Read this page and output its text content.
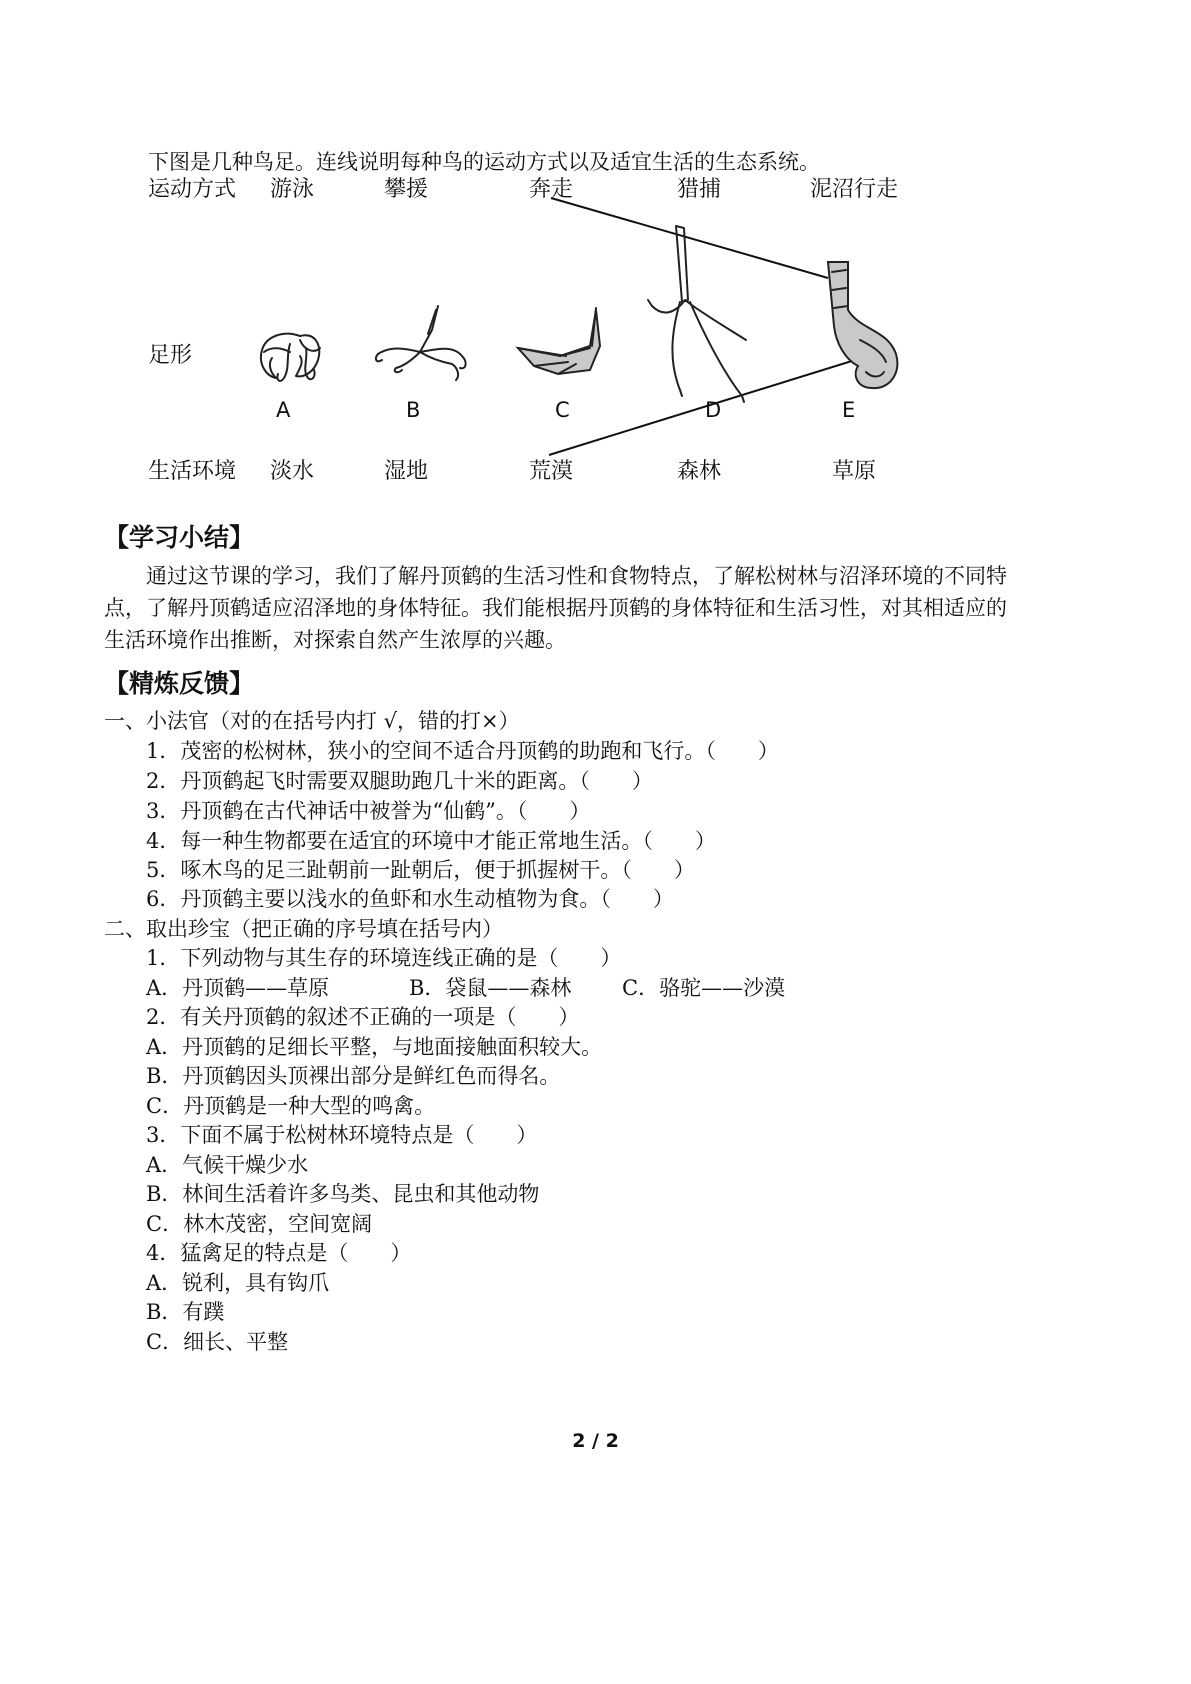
下图是几种鸟足。连线说明每种鸟的运动方式以及适宜生活的生态系统。
运动方式 游泳	攀援	奔走	猎捕	泥沼行走
足形
A	B	C	D	E
生活环境 淡水	湿地	荒漠	森林	草原
【学习小结】
通过这节课的学习，我们了解丹顶鹤的生活习性和食物特点，了解松树林与沼泽环境的不同特点，了解丹顶鹤适应沼泽地的身体特征。我们能根据丹顶鹤的身体特征和生活习性，对其相适应的生活环境作出推断，对探索自然产生浓厚的兴趣。
【精炼反馈】
一、小法官（对的在括号内打 √，错的打×）
1．茂密的松树林，狭小的空间不适合丹顶鹤的助跑和飞行。（　　）
2．丹顶鹤起飞时需要双腿助跑几十米的距离。（　　）
3．丹顶鹤在古代神话中被誉为“仙鹤”。（　　）
4．每一种生物都要在适宜的环境中才能正常地生活。（　　）
5．啄木鸟的足三趾朝前一趾朝后，便于抓握树干。（　　）
6．丹顶鹤主要以浅水的鱼虾和水生动植物为食。（　　）
二、取出珍宝（把正确的序号填在括号内）
1．下列动物与其生存的环境连线正确的是（　　）
A．丹顶鹤——草原	B．袋鼠——森林 C．骆驼——沙漠
2．有关丹顶鹤的叙述不正确的一项是（　　）
A．丹顶鹤的足细长平整，与地面接触面积较大。
B．丹顶鹤因头顶裸出部分是鲜红色而得名。
C．丹顶鹤是一种大型的鸣禽。
3．下面不属于松树林环境特点是（　　）
A．气候干燥少水
B．林间生活着许多鸟类、昆虫和其他动物
C．林木茂密，空间宽阔
4．猛禽足的特点是（　　）
A．锐利，具有钩爪
B．有蹼
C．细长、平整
2 / 2
